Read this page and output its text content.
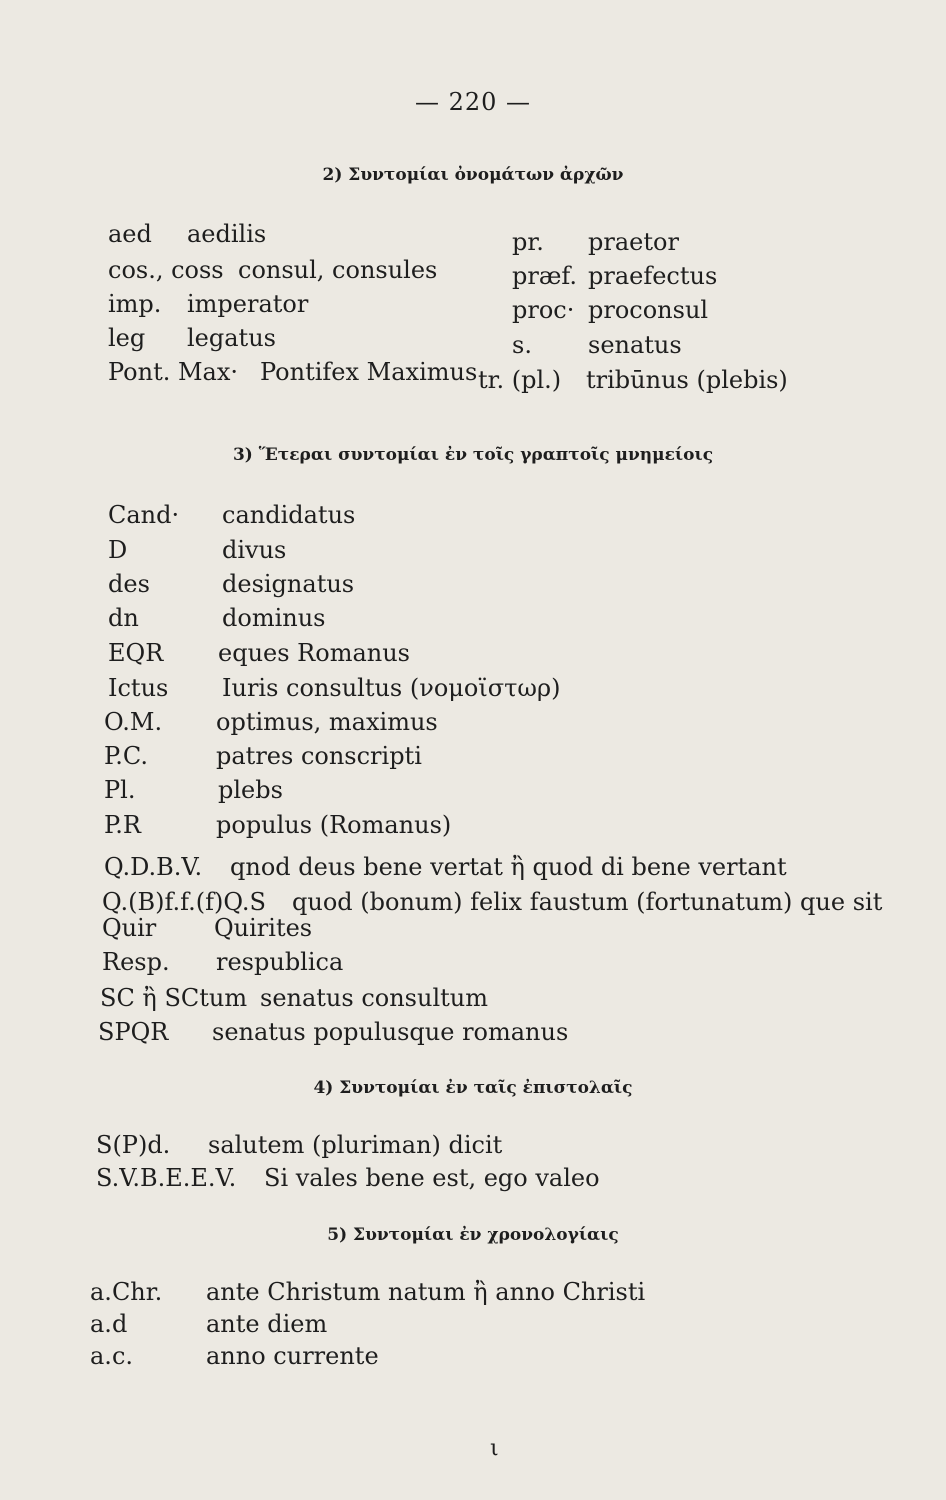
— 220 —
2) Συντομίαι ὀνομάτων ἀρχῶν
aed aedilis
cos., coss consul, consules
imp. imperator
leg legatus
Pont. Max· Pontifex Maximus
pr. praetor
præf. praefectus
proc· proconsul
s. senatus
tr. (pl.) tribūnus (plebis)
3) Ἕτεραι συντομίαι ἐν τοῖς γραπτοῖς μνημείοις
Cand· candidatus
D	divus
des	designatus
dn	dominus
EQR eques Romanus
Ictus Iuris consultus (νομοϊστωρ)
O.M. optimus, maximus
P.C.	patres conscripti
Pl.	plebs
P.R	populus (Romanus)
Q.D.B.V. qnod deus bene vertat ἢ quod di bene vertant
Q.(B)f.f.(f)Q.S quod (bonum) felix faustum (fortunatum) que sit
Quir Quirites
Resp. respublica
SC ἢ SCtum senatus consultum
SPQR senatus populusque romanus
4) Συντομίαι ἐν ταῖς ἐπιστολαῖς
S(P)d. salutem (pluriman) dicit
S.V.B.E.E.V. Si vales bene est, ego valeo
5) Συντομίαι ἐν χρονολογίαις
a.Chr. ante Christum natum ἢ anno Christi
a.d	ante diem
a.c.	anno currente
ι
